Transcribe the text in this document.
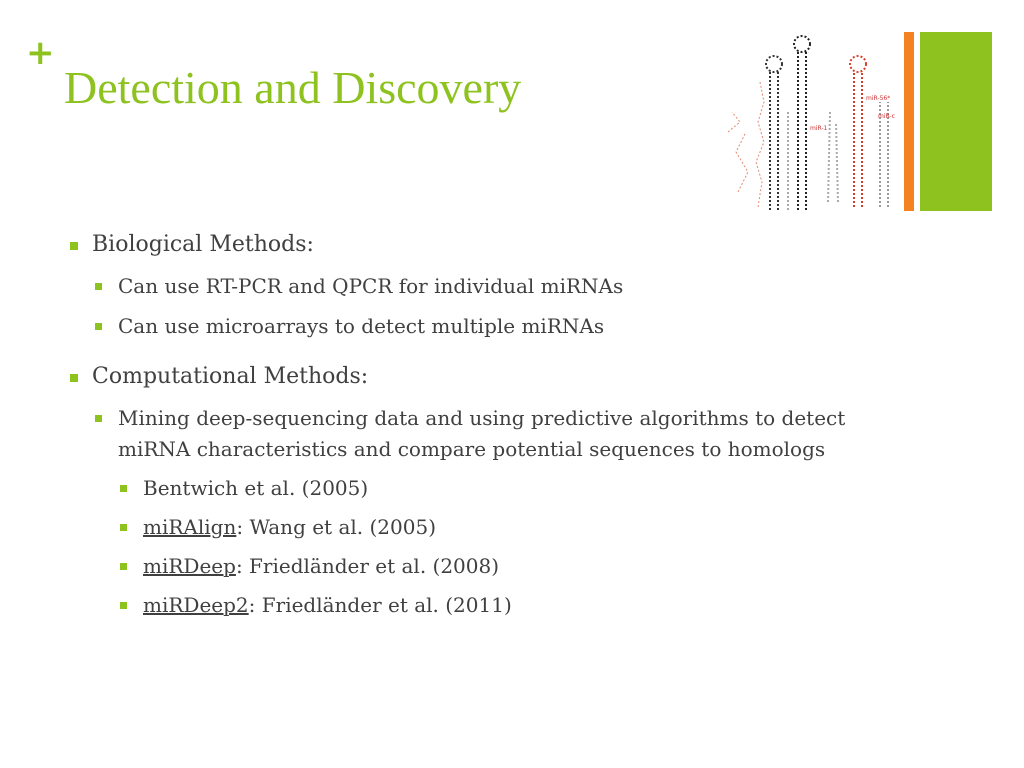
+
Detection and Discovery	miR-56*
miR-1
miR-c
Biological Methods:
Can use RT-PCR and QPCR for individual miRNAs
Can use microarrays to detect multiple miRNAs
Computational Methods:
Mining deep-sequencing data and using predictive algorithms to detect miRNA characteristics and compare potential sequences to homologs
Bentwich et al. (2005)
miRAlign: Wang et al. (2005)
miRDeep: Friedländer et al. (2008)
miRDeep2: Friedländer et al. (2011)
